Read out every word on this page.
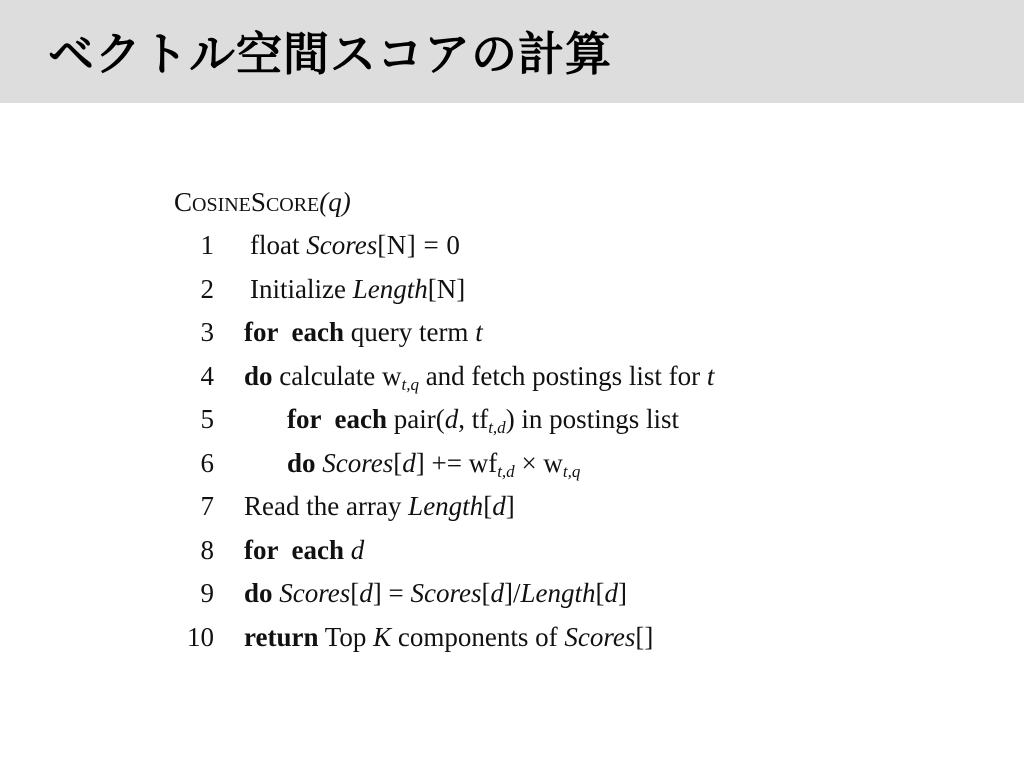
ベクトル空間スコアの計算
COSINESCORE(q)
1 float Scores[N] = 0
2 Initialize Length[N]
3 for  each query term t
4 do calculate $w_{t,q}$ and fetch postings list for t
5	for  each pair(d, $tf_{t,d}$) in postings list
6	do Scores[d] += $wf_{t,d} \times w_{t,q}$
7 Read the array Length[d]
8 for  each d
9 do Scores[d] = Scores[d]/Length[d]
10 return Top K components of Scores[]
